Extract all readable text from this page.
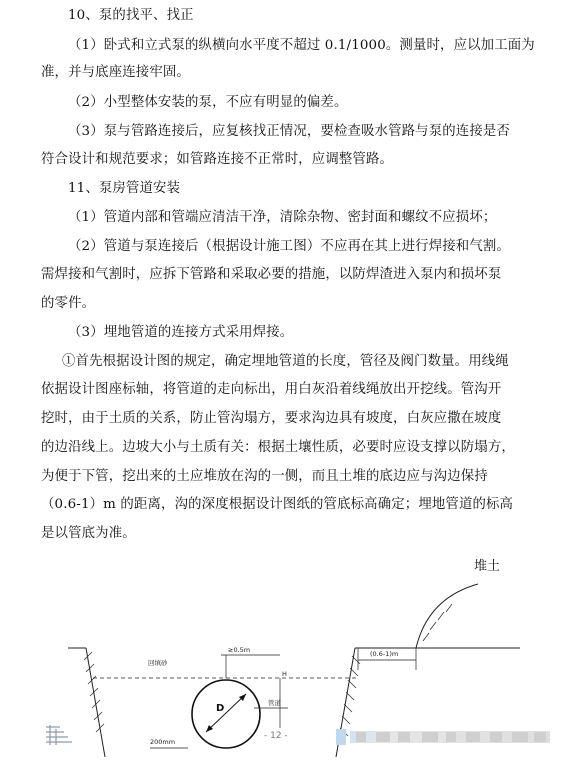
10、泵的找平、找正
（1）卧式和立式泵的纵横向水平度不超过 0.1/1000。测量时，应以加工面为
准，并与底座连接牢固。
（2）小型整体安装的泵，不应有明显的偏差。
（3）泵与管路连接后，应复核找正情况，要检查吸水管路与泵的连接是否
符合设计和规范要求；如管路连接不正常时，应调整管路。
11、泵房管道安装
（1）管道内部和管端应清洁干净，清除杂物、密封面和螺纹不应损坏；
（2）管道与泵连接后（根据设计施工图）不应再在其上进行焊接和气割。
需焊接和气割时，应拆下管路和采取必要的措施，以防焊渣进入泵内和损坏泵
的零件。
（3）埋地管道的连接方式采用焊接。
①首先根据设计图的规定，确定埋地管道的长度，管径及阀门数量。用线绳
依据设计图座标轴，将管道的走向标出，用白灰沿着线绳放出开挖线。管沟开
挖时，由于土质的关系，防止管沟塌方，要求沟边具有坡度，白灰应撒在坡度
的边沿线上。边坡大小与土质有关：根据土壤性质，必要时应设支撑以防塌方，
为便于下管，挖出来的土应堆放在沟的一侧，而且土堆的底边应与沟边保持
（0.6-1）m 的距离，沟的深度根据设计图纸的管底标高确定；埋地管道的标高
是以管底为准。
回填砂
≥0.5m	(0.6-1)m
H
D	管道
200mm
堆土
- 12 -
